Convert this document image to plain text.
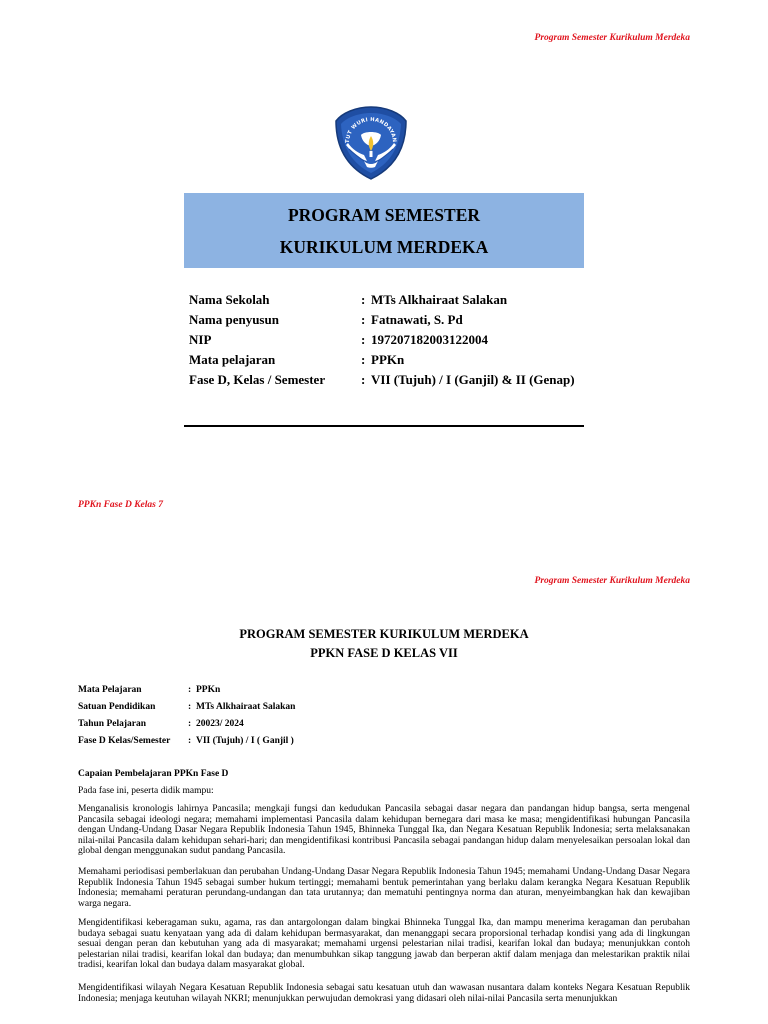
Program Semester Kurikulum Merdeka
TUT WURI HANDAYAN
PROGRAM SEMESTER
KURIKULUM MERDEKA
Nama Sekolah	: MTs Alkhairaat Salakan
Nama penyusun	: Fatnawati, S. Pd
NIP	: 197207182003122004
Mata pelajaran	: PPKn
Fase D, Kelas / Semester	: VII (Tujuh) / I (Ganjil) & II (Genap)
PPKn Fase D Kelas 7
Program Semester Kurikulum Merdeka
PROGRAM SEMESTER KURIKULUM MERDEKA
PPKN FASE D KELAS VII
Mata Pelajaran	: PPKn
Satuan Pendidikan	: MTs Alkhairaat Salakan
Tahun Pelajaran	: 20023/ 2024
Fase D Kelas/Semester : VII (Tujuh) / I ( Ganjil )
Capaian Pembelajaran PPKn Fase D
Pada fase ini, peserta didik mampu:

Menganalisis kronologis lahirnya Pancasila; mengkaji fungsi dan kedudukan Pancasila sebagai dasar negara dan pandangan hidup bangsa, serta mengenal Pancasila sebagai ideologi negara; memahami implementasi Pancasila dalam kehidupan bernegara dari masa ke masa; mengidentifikasi hubungan Pancasila dengan Undang-Undang Dasar Negara Republik Indonesia Tahun 1945, Bhinneka Tunggal Ika, dan Negara Kesatuan Republik Indonesia; serta melaksanakan nilai-nilai Pancasila dalam kehidupan sehari-hari; dan mengidentifikasi kontribusi Pancasila sebagai pandangan hidup dalam menyelesaikan persoalan lokal dan global dengan menggunakan sudut pandang Pancasila.

Memahami periodisasi pemberlakuan dan perubahan Undang-Undang Dasar Negara Republik Indonesia Tahun 1945; memahami Undang-Undang Dasar Negara Republik Indonesia Tahun 1945 sebagai sumber hukum tertinggi; memahami bentuk pemerintahan yang berlaku dalam kerangka Negara Kesatuan Republik Indonesia; memahami peraturan perundang-undangan dan tata urutannya; dan mematuhi pentingnya norma dan aturan, menyeimbangkan hak dan kewajiban warga negara.

Mengidentifikasi keberagaman suku, agama, ras dan antargolongan dalam bingkai Bhinneka Tunggal Ika, dan mampu menerima keragaman dan perubahan budaya sebagai suatu kenyataan yang ada di dalam kehidupan bermasyarakat, dan menanggapi secara proporsional terhadap kondisi yang ada di lingkungan sesuai dengan peran dan kebutuhan yang ada di masyarakat; memahami urgensi pelestarian nilai tradisi, kearifan lokal dan budaya; menunjukkan contoh pelestarian nilai tradisi, kearifan lokal dan budaya; dan menumbuhkan sikap tanggung jawab dan berperan aktif dalam menjaga dan melestarikan praktik nilai tradisi, kearifan lokal dan budaya dalam masyarakat global.

Mengidentifikasi wilayah Negara Kesatuan Republik Indonesia sebagai satu kesatuan utuh dan wawasan nusantara dalam konteks Negara Kesatuan Republik Indonesia; menjaga keutuhan wilayah NKRI; menunjukkan perwujudan demokrasi yang didasari oleh nilai-nilai Pancasila serta menunjukkan
